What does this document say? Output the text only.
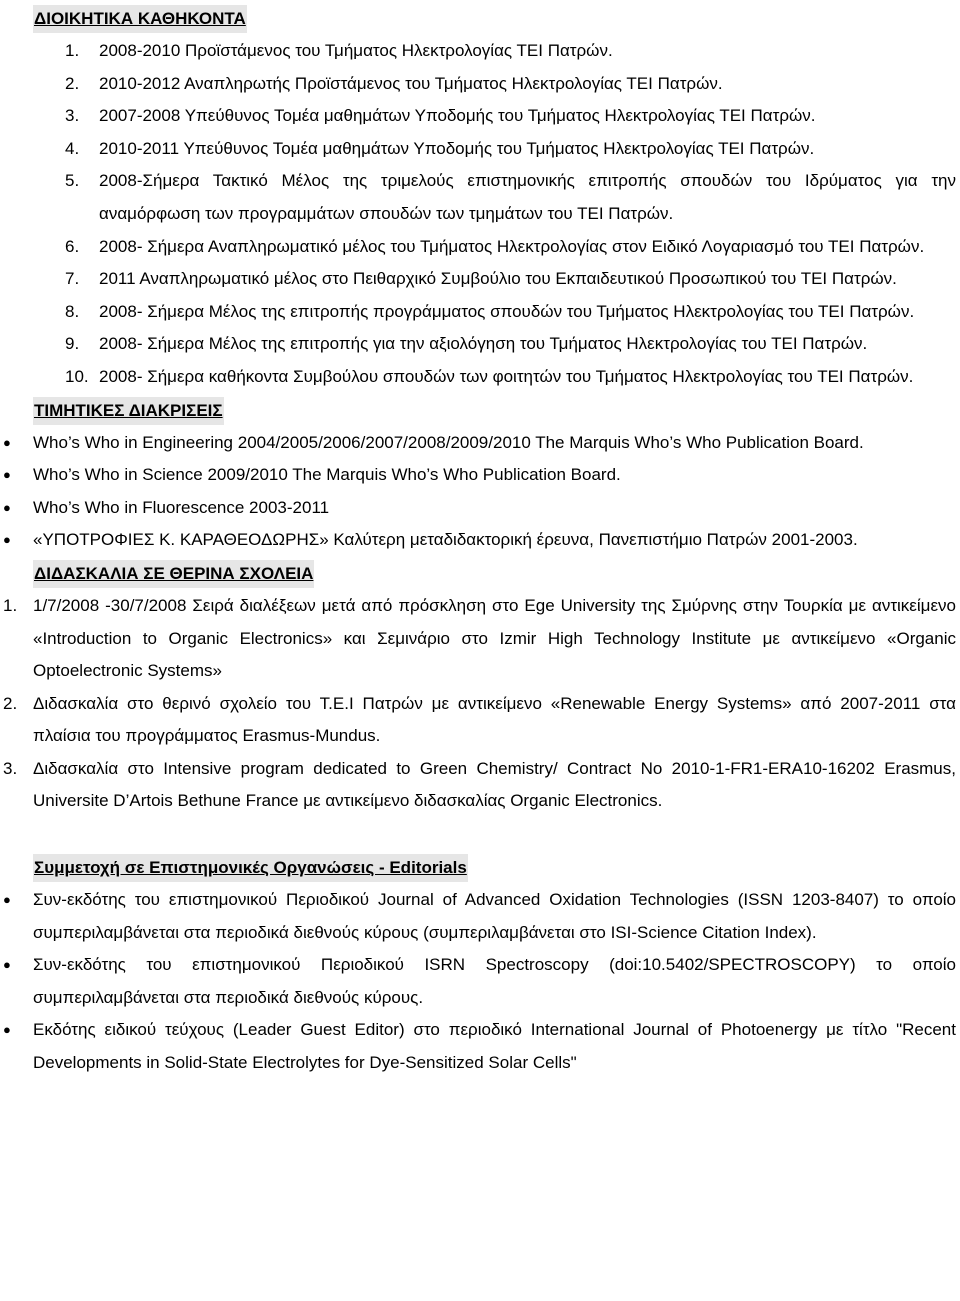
ΔΙΟΙΚΗΤΙΚΑ ΚΑΘΗΚΟΝΤΑ
1.	2008-2010 Προϊστάμενος του Τμήματος Ηλεκτρολογίας ΤΕΙ Πατρών.
2.	2010-2012 Αναπληρωτής Προϊστάμενος του Τμήματος Ηλεκτρολογίας ΤΕΙ Πατρών.
3.	2007-2008 Υπεύθυνος Τομέα μαθημάτων Υποδομής του Τμήματος Ηλεκτρολογίας ΤΕΙ Πατρών.
4.	2010-2011 Υπεύθυνος Τομέα μαθημάτων Υποδομής του Τμήματος Ηλεκτρολογίας ΤΕΙ Πατρών.
5.	2008-Σήμερα Τακτικό Μέλος της τριμελούς επιστημονικής επιτροπής σπουδών του Ιδρύματος για την αναμόρφωση των προγραμμάτων σπουδών των τμημάτων του ΤΕΙ Πατρών.
6.	2008- Σήμερα Αναπληρωματικό μέλος του Τμήματος Ηλεκτρολογίας στον Ειδικό Λογαριασμό του ΤΕΙ Πατρών.
7.	2011 Αναπληρωματικό μέλος στο Πειθαρχικό Συμβούλιο του Εκπαιδευτικού Προσωπικού του ΤΕΙ Πατρών.
8.	2008- Σήμερα Μέλος της επιτροπής προγράμματος σπουδών του Τμήματος Ηλεκτρολογίας του ΤΕΙ Πατρών.
9.	2008- Σήμερα Μέλος της επιτροπής για την αξιολόγηση του Τμήματος Ηλεκτρολογίας του ΤΕΙ Πατρών.
10. 2008- Σήμερα καθήκοντα Συμβούλου σπουδών των φοιτητών του Τμήματος Ηλεκτρολογίας του ΤΕΙ Πατρών.
ΤΙΜΗΤΙΚΕΣ ΔΙΑΚΡΙΣΕΙΣ
● Who’s Who in Engineering 2004/2005/2006/2007/2008/2009/2010 The Marquis Who’s Who Publication Board.
● Who’s Who in Science 2009/2010 The Marquis Who’s Who Publication Board.
● Who’s Who in Fluorescence 2003-2011
● «ΥΠΟΤΡΟΦΙΕΣ Κ. ΚΑΡΑΘΕΟΔΩΡΗΣ» Καλύτερη μεταδιδακτορική έρευνα, Πανεπιστήμιο Πατρών 2001-2003.
ΔΙΔΑΣΚΑΛΙΑ ΣΕ ΘΕΡΙΝΑ ΣΧΟΛΕΙΑ
1. 1/7/2008 -30/7/2008 Σειρά διαλέξεων μετά από πρόσκληση στο Ege University της Σμύρνης στην Τουρκία με αντικείμενο «Introduction to Organic Electronics» και Σεμινάριο στο Izmir High Technology Institute με αντικείμενο «Organic Optoelectronic Systems»
2. Διδασκαλία στο θερινό σχολείο του Τ.Ε.Ι Πατρών με αντικείμενο «Renewable Energy Systems» από 2007-2011 στα πλαίσια του προγράμματος Erasmus-Mundus.
3. Διδασκαλία στο Intensive program dedicated to Green Chemistry/ Contract No 2010-1-FR1-ERA10-16202 Erasmus, Universite D’Artois Bethune France με αντικείμενο διδασκαλίας Organic Electronics.
Συμμετοχή σε Επιστημονικές Οργανώσεις - Editorials
● Συν-εκδότης του επιστημονικού Περιοδικού Journal of Advanced Oxidation Technologies (ISSN 1203-8407) το οποίο συμπεριλαμβάνεται στα περιοδικά διεθνούς κύρους (συμπεριλαμβάνεται στο ISI-Science Citation Index).
● Συν-εκδότης του επιστημονικού Περιοδικού ISRN Spectroscopy (doi:10.5402/SPECTROSCOPY) το οποίο συμπεριλαμβάνεται στα περιοδικά διεθνούς κύρους.
● Εκδότης ειδικού τεύχους (Leader Guest Editor) στο περιοδικό International Journal of Photoenergy με τίτλο "Recent Developments in Solid-State Electrolytes for Dye-Sensitized Solar Cells"
